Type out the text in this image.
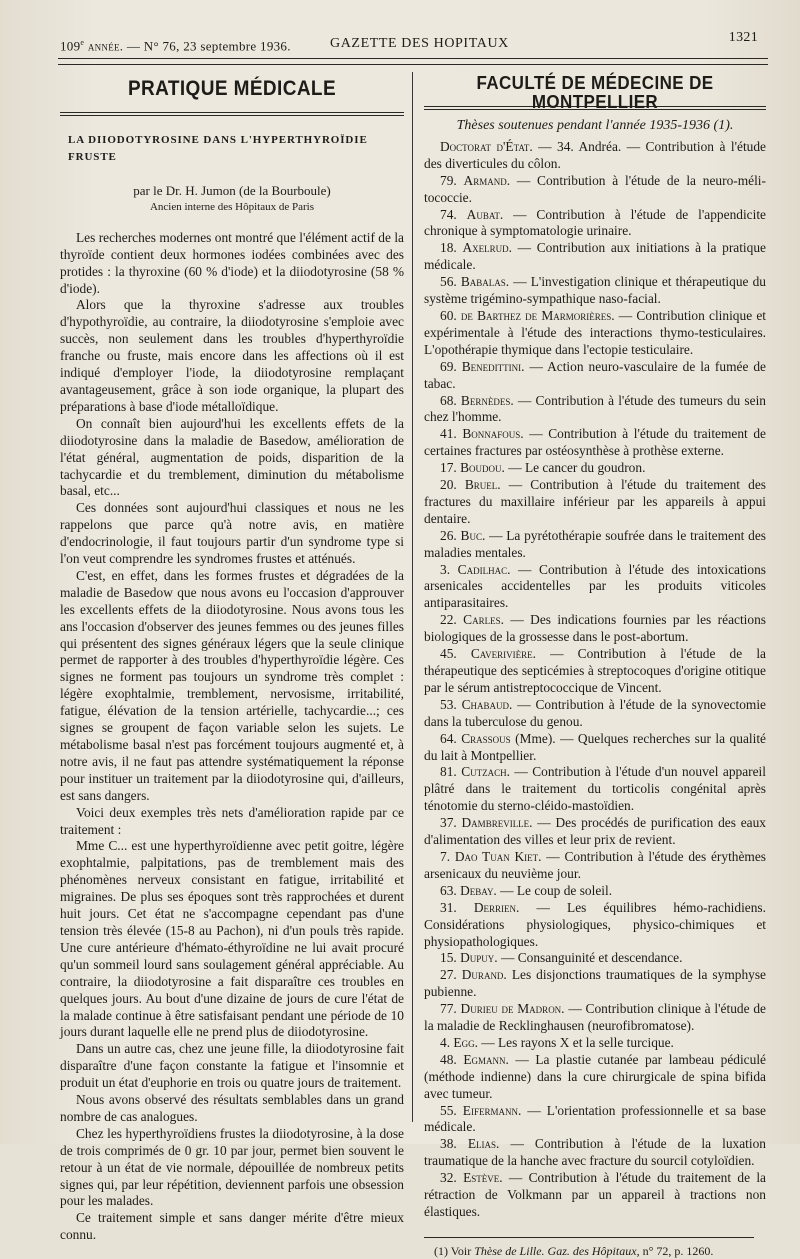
109e année. — N° 76, 23 septembre 1936.	GAZETTE DES HOPITAUX	1321
PRATIQUE MÉDICALE
LA DIIODOTYROSINE DANS L'HYPERTHYROÏDIE FRUSTE
par le Dr. H. Jumon (de la Bourboule)
Ancien interne des Hôpitaux de Paris

Les recherches modernes ont montré que l'élément actif de la thyroïde contient deux hormones iodées combinées avec des protides : la thyroxine (60 % d'iode) et la diiodotyrosine (58 % d'iode).

Alors que la thyroxine s'adresse aux troubles d'hypothyroïdie, au contraire, la diiodotyrosine s'emploie avec succès, non seulement dans les troubles d'hyperthyroïdie franche ou fruste, mais encore dans les affections où il est indiqué d'employer l'iode, la diiodotyrosine remplaçant avantageusement, grâce à son iode organique, la plupart des préparations à base d'iode métalloïdique.

On connaît bien aujourd'hui les excellents effets de la diiodotyrosine dans la maladie de Basedow, amélioration de l'état général, augmentation de poids, disparition de la tachycardie et du tremblement, diminution du métabolisme basal, etc...

Ces données sont aujourd'hui classiques et nous ne les rappelons que parce qu'à notre avis, en matière d'endocrinologie, il faut toujours partir d'un syndrome type si l'on veut comprendre les syndromes frustes et atténués.

C'est, en effet, dans les formes frustes et dégradées de la maladie de Basedow que nous avons eu l'occasion d'approuver les excellents effets de la diiodotyrosine. Nous avons tous les ans l'occasion d'observer des jeunes femmes ou des jeunes filles qui présentent des signes généraux légers que la seule clinique permet de rapporter à des troubles d'hyperthyroïdie légère. Ces signes ne forment pas toujours un syndrome très complet : légère exophtalmie, tremblement, nervosisme, irritabilité, fatigue, élévation de la tension artérielle, tachycardie...; ces signes se groupent de façon variable selon les sujets. Le métabolisme basal n'est pas forcément toujours augmenté et, à notre avis, il ne faut pas attendre systématiquement la réponse pour instituer un traitement par la diiodotyrosine qui, d'ailleurs, est sans dangers.

Voici deux exemples très nets d'amélioration rapide par ce traitement :

Mme C... est une hyperthyroïdienne avec petit goitre, légère exophtalmie, palpitations, pas de tremblement mais des phénomènes nerveux consistant en fatigue, irritabilité et migraines. De plus ses époques sont très rapprochées et durent huit jours. Cet état ne s'accompagne cependant pas d'une tension très élevée (15-8 au Pachon), ni d'un pouls très rapide. Une cure antérieure d'hémato-éthyroïdine ne lui avait procuré qu'un sommeil lourd sans soulagement général appréciable. Au contraire, la diiodotyrosine a fait disparaître ces troubles en quelques jours. Au bout d'une dizaine de jours de cure l'état de la malade continue à être satisfaisant pendant une période de 10 jours durant laquelle elle ne prend plus de diiodotyrosine.

Dans un autre cas, chez une jeune fille, la diiodotyrosine fait disparaître d'une façon constante la fatigue et l'insomnie et produit un état d'euphorie en trois ou quatre jours de traitement.

Nous avons observé des résultats semblables dans un grand nombre de cas analogues.

Chez les hyperthyroïdiens frustes la diiodotyrosine, à la dose de trois comprimés de 0 gr. 10 par jour, permet bien souvent le retour à un état de vie normale, dépouillée de nombreux petits signes qui, par leur répétition, deviennent parfois une obsession pour les malades.

Ce traitement simple et sans danger mérite d'être mieux connu.

FACULTÉ DE MÉDECINE DE MONTPELLIER
Thèses soutenues pendant l'année 1935-1936 (1).
Doctorat d'État. — 34. Andréa. — Contribution à l'étude des diverticules du côlon.
79. Armand. — Contribution à l'étude de la neuro-méli-tococcie.
74. Aubat. — Contribution à l'étude de l'appendicite chronique à symptomatologie urinaire.
18. Axelrud. — Contribution aux initiations à la pratique médicale.
56. Babalas. — L'investigation clinique et thérapeutique du système trigémino-sympathique naso-facial.
60. de Barthez de Marmorières. — Contribution clinique et expérimentale à l'étude des interactions thymo-testiculaires. L'opothérapie thymique dans l'ectopie testiculaire.
69. Benedittini. — Action neuro-vasculaire de la fumée de tabac.
68. Bernèdes. — Contribution à l'étude des tumeurs du sein chez l'homme.
41. Bonnafous. — Contribution à l'étude du traitement de certaines fractures par ostéosynthèse à prothèse externe.
17. Boudou. — Le cancer du goudron.
20. Bruel. — Contribution à l'étude du traitement des fractures du maxillaire inférieur par les appareils à appui dentaire.
26. Buc. — La pyrétothérapie soufrée dans le traitement des maladies mentales.
3. Cadilhac. — Contribution à l'étude des intoxications arsenicales accidentelles par les produits viticoles antiparasitaires.
22. Carles. — Des indications fournies par les réactions biologiques de la grossesse dans le post-abortum.
45. Caverivière. — Contribution à l'étude de la thérapeutique des septicémies à streptocoques d'origine otitique par le sérum antistreptococcique de Vincent.
53. Chabaud. — Contribution à l'étude de la synovectomie dans la tuberculose du genou.
64. Crassous (Mme). — Quelques recherches sur la qualité du lait à Montpellier.
81. Cutzach. — Contribution à l'étude d'un nouvel appareil plâtré dans le traitement du torticolis congénital après ténotomie du sterno-cléido-mastoïdien.
37. Dambreville. — Des procédés de purification des eaux d'alimentation des villes et leur prix de revient.
7. Dao Tuan Kiet. — Contribution à l'étude des érythèmes arsenicaux du neuvième jour.
63. Debay. — Le coup de soleil.
31. Derrien. — Les équilibres hémo-rachidiens. Considérations physiologiques, physico-chimiques et physiopathologiques.
15. Dupuy. — Consanguinité et descendance.
27. Durand. Les disjonctions traumatiques de la symphyse pubienne.
77. Durieu de Madron. — Contribution clinique à l'étude de la maladie de Recklinghausen (neurofibromatose).
4. Egg. — Les rayons X et la selle turcique.
48. Egmann. — La plastie cutanée par lambeau pédiculé (méthode indienne) dans la cure chirurgicale de spina bifida avec tumeur.
55. Eifermann. — L'orientation professionnelle et sa base médicale.
38. Elias. — Contribution à l'étude de la luxation traumatique de la hanche avec fracture du sourcil cotyloïdien.
32. Estève. — Contribution à l'étude du traitement de la rétraction de Volkmann par un appareil à tractions non élastiques.
(1) Voir Thèse de Lille. Gaz. des Hôpitaux, n° 72, p. 1260.
